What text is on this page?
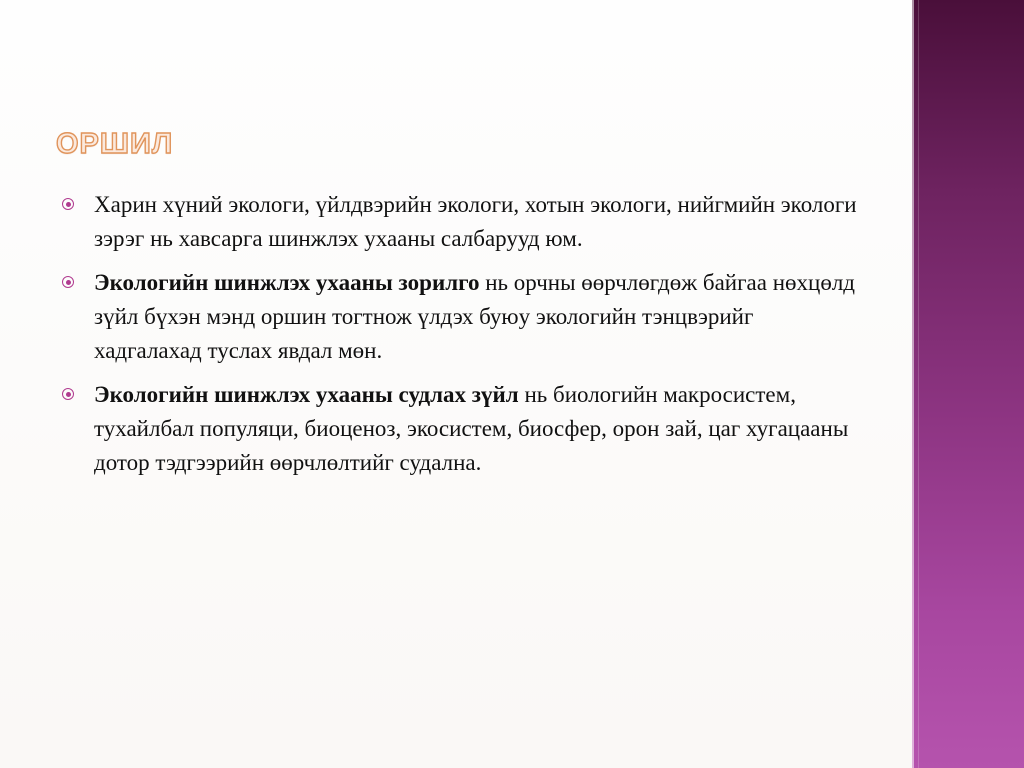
ОРШИЛ
Харин хүний экологи, үйлдвэрийн экологи, хотын экологи, нийгмийн экологи зэрэг нь хавсарга шинжлэх ухааны салбарууд юм.
Экологийн шинжлэх ухааны зорилго нь орчны өөрчлөгдөж байгаа нөхцөлд зүйл бүхэн мэнд оршин тогтнож үлдэх буюу экологийн тэнцвэрийг хадгалахад туслах явдал мөн.
Экологийн шинжлэх ухааны судлах зүйл нь биологийн макросистем, тухайлбал популяци, биоценоз, экосистем, биосфер, орон зай, цаг хугацааны дотор тэдгээрийн өөрчлөлтийг судална.
